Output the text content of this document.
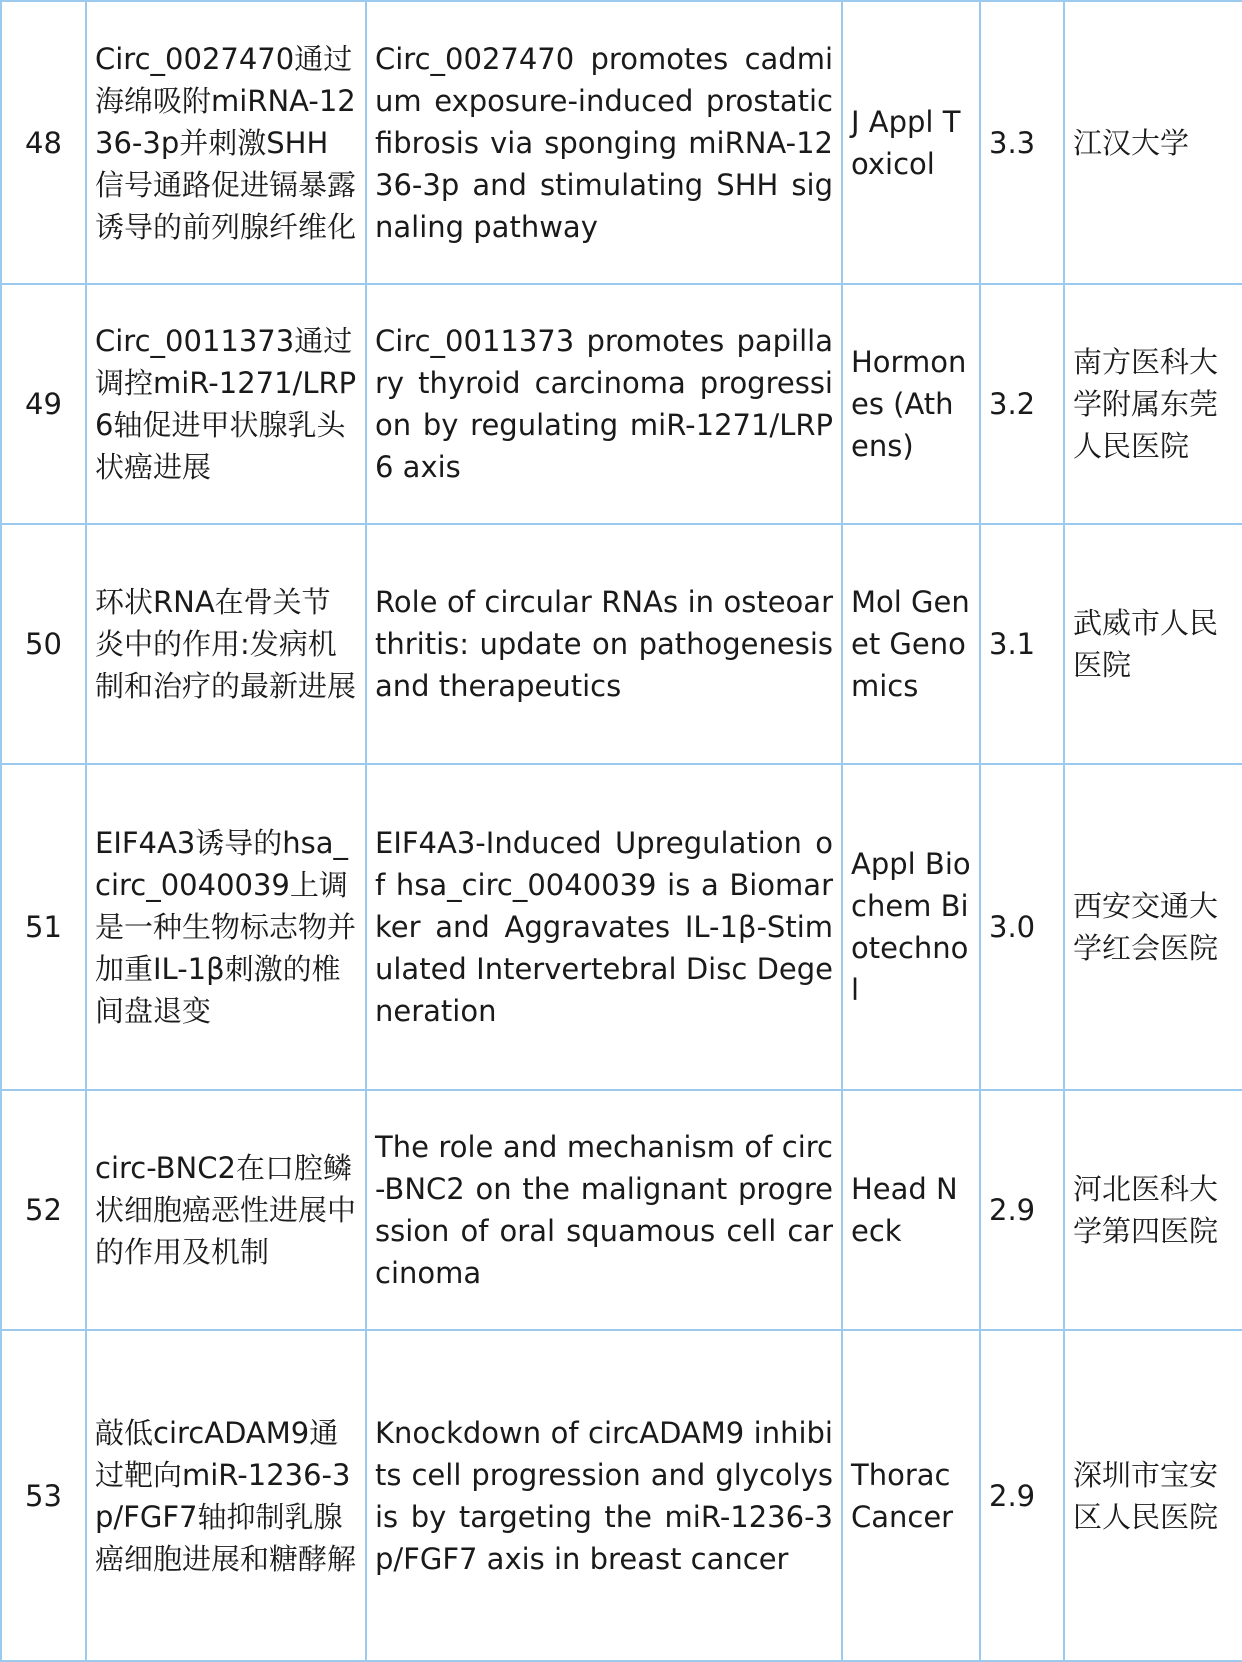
48	Circ_0027470通过海绵吸附miRNA-1236-3p并刺激SHH信号通路促进镉暴露诱导的前列腺纤维化	Circ_0027470 promotes cadmium exposure-induced prostatic fibrosis via sponging miRNA-1236-3p and stimulating SHH signaling pathway	J Appl Toxicol	3.3	江汉大学
49	Circ_0011373通过调控miR-1271/LRP6轴促进甲状腺乳头状癌进展	Circ_0011373 promotes papillary thyroid carcinoma progression by regulating miR-1271/LRP6 axis	Hormones (Athens)	3.2	南方医科大学附属东莞人民医院
50	环状RNA在骨关节炎中的作用:发病机制和治疗的最新进展	Role of circular RNAs in osteoarthritis: update on pathogenesis and therapeutics	Mol Genet Genomics	3.1	武威市人民医院
51	EIF4A3诱导的hsa_circ_0040039上调是一种生物标志物并加重IL-1β刺激的椎间盘退变	EIF4A3-Induced Upregulation of hsa_circ_0040039 is a Biomarker and Aggravates IL-1β-Stimulated Intervertebral Disc Degeneration	Appl Biochem Biotechnol	3.0	西安交通大学红会医院
52	circ-BNC2在口腔鳞状细胞癌恶性进展中的作用及机制	The role and mechanism of circ-BNC2 on the malignant progression of oral squamous cell carcinoma	Head Neck	2.9	河北医科大学第四医院
53	敲低circADAM9通过靶向miR-1236-3p/FGF7轴抑制乳腺癌细胞进展和糖酵解	Knockdown of circADAM9 inhibits cell progression and glycolysis by targeting the miR-1236-3p/FGF7 axis in breast cancer	Thorac Cancer	2.9	深圳市宝安区人民医院
